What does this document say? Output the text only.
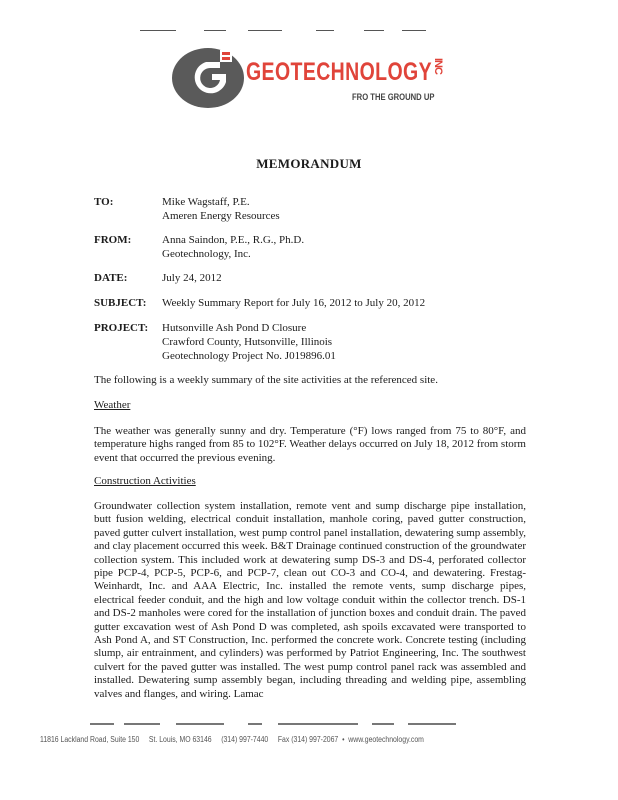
GEOTECHNOLOGY INC
FRO THE GROUND UP
MEMORANDUM
TO:	Mike Wagstaff, P.E.
Ameren Energy Resources
FROM:	Anna Saindon, P.E., R.G., Ph.D.
Geotechnology, Inc.
DATE:	July 24, 2012
SUBJECT:	Weekly Summary Report for July 16, 2012 to July 20, 2012
PROJECT:	Hutsonville Ash Pond D Closure
Crawford County, Hutsonville, Illinois
Geotechnology Project No. J019896.01
The following is a weekly summary of the site activities at the referenced site.
Weather
The weather was generally sunny and dry. Temperature (°F) lows ranged from 75 to 80°F, and temperature highs ranged from 85 to 102°F. Weather delays occurred on July 18, 2012 from storm event that occurred the previous evening.
Construction Activities
Groundwater collection system installation, remote vent and sump discharge pipe installation, butt fusion welding, electrical conduit installation, manhole coring, paved gutter construction, paved gutter culvert installation, west pump control panel installation, dewatering sump assembly, and clay placement occurred this week. B&T Drainage continued construction of the groundwater collection system. This included work at dewatering sump DS-3 and DS-4, perforated collector pipe PCP-4, PCP-5, PCP-6, and PCP-7, clean out CO-3 and CO-4, and dewatering. Frestag-Weinhardt, Inc. and AAA Electric, Inc. installed the remote vents, sump discharge pipes, electrical feeder conduit, and the high and low voltage conduit within the collector trench. DS-1 and DS-2 manholes were cored for the installation of junction boxes and conduit drain. The paved gutter excavation west of Ash Pond D was completed, ash spoils excavated were transported to Ash Pond A, and ST Construction, Inc. performed the concrete work. Concrete testing (including slump, air entrainment, and cylinders) was performed by Patriot Engineering, Inc. The southwest culvert for the paved gutter was installed. The west pump control panel rack was assembled and installed. Dewatering sump assembly began, including threading and welding pipe, assembling valves and flanges, and wiring. Lamac
11816 Lackland Road, Suite 150 St. Louis, MO 63146 (314) 997-7440 Fax (314) 997-2067  •  www.geotechnology.com
